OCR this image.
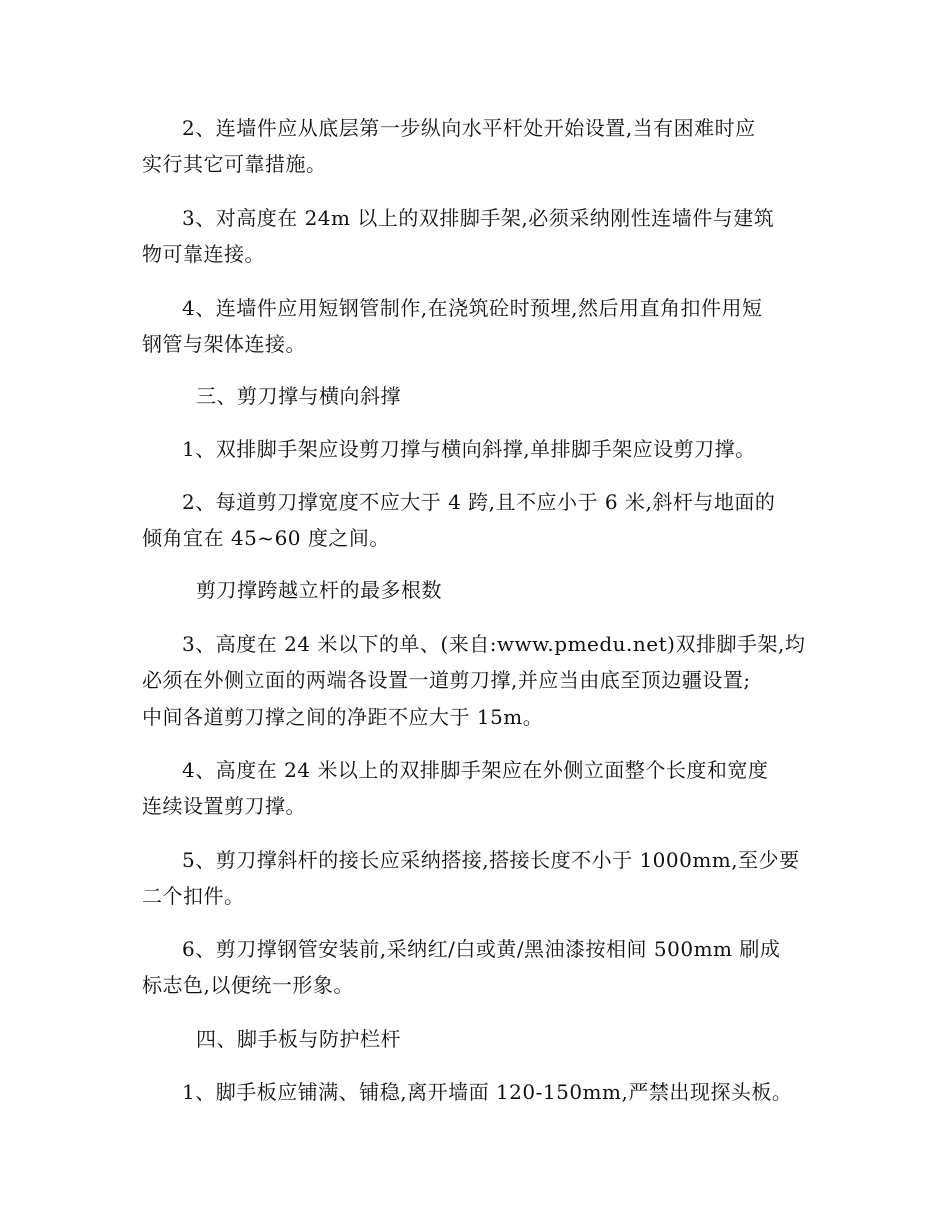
2、连墙件应从底层第一步纵向水平杆处开始设置,当有困难时应
实行其它可靠措施。
3、对高度在 24m 以上的双排脚手架,必须采纳刚性连墙件与建筑
物可靠连接。
4、连墙件应用短钢管制作,在浇筑砼时预埋,然后用直角扣件用短
钢管与架体连接。
三、剪刀撑与横向斜撑
1、双排脚手架应设剪刀撑与横向斜撑,单排脚手架应设剪刀撑。
2、每道剪刀撑宽度不应大于 4 跨,且不应小于 6 米,斜杆与地面的
倾角宜在 45~60 度之间。
剪刀撑跨越立杆的最多根数
3、高度在 24 米以下的单、(来自:www.pmedu.net)双排脚手架,均
必须在外侧立面的两端各设置一道剪刀撑,并应当由底至顶边疆设置;
中间各道剪刀撑之间的净距不应大于 15m。
4、高度在 24 米以上的双排脚手架应在外侧立面整个长度和宽度
连续设置剪刀撑。
5、剪刀撑斜杆的接长应采纳搭接,搭接长度不小于 1000mm,至少要
二个扣件。
6、剪刀撑钢管安装前,采纳红/白或黄/黑油漆按相间 500mm 刷成
标志色,以便统一形象。
四、脚手板与防护栏杆
1、脚手板应铺满、铺稳,离开墙面 120-150mm,严禁出现探头板。
